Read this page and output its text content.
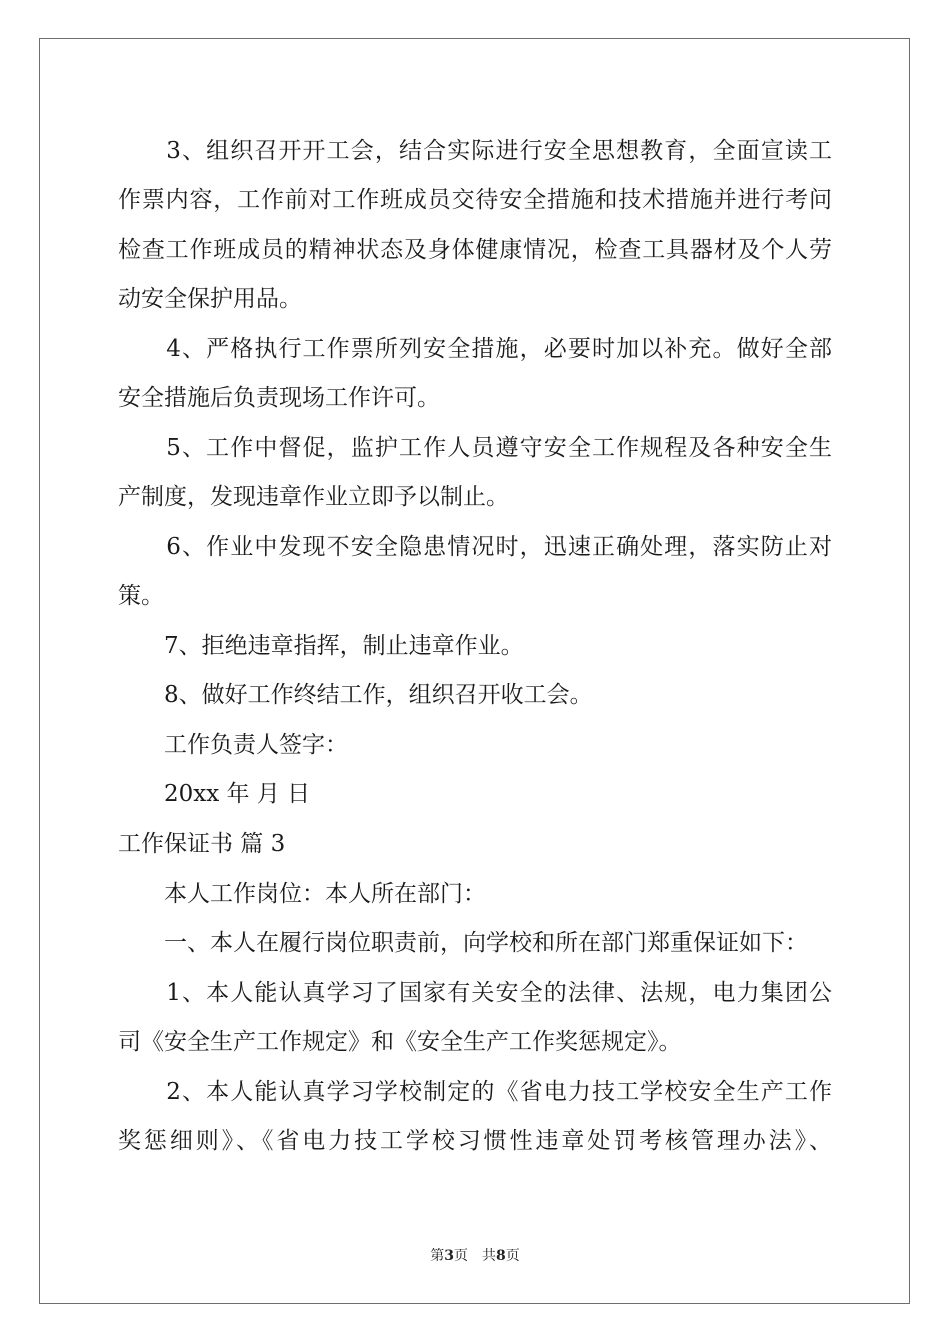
　　3、组织召开开工会，结合实际进行安全思想教育，全面宣读工
作票内容，工作前对工作班成员交待安全措施和技术措施并进行考问
检查工作班成员的精神状态及身体健康情况，检查工具器材及个人劳
动安全保护用品。
　　4、严格执行工作票所列安全措施，必要时加以补充。做好全部
安全措施后负责现场工作许可。
　　5、工作中督促，监护工作人员遵守安全工作规程及各种安全生
产制度，发现违章作业立即予以制止。
　　6、作业中发现不安全隐患情况时，迅速正确处理，落实防止对
策。
　　7、拒绝违章指挥，制止违章作业。
　　8、做好工作终结工作，组织召开收工会。
　　工作负责人签字：
　　20xx 年 月 日
工作保证书 篇 3
　　本人工作岗位：本人所在部门：
　　一、本人在履行岗位职责前，向学校和所在部门郑重保证如下：
　　1、本人能认真学习了国家有关安全的法律、法规，电力集团公
司《安全生产工作规定》和《安全生产工作奖惩规定》。
　　2、本人能认真学习学校制定的《省电力技工学校安全生产工作
奖惩细则》、《省电力技工学校习惯性违章处罚考核管理办法》、
第3页　共8页
